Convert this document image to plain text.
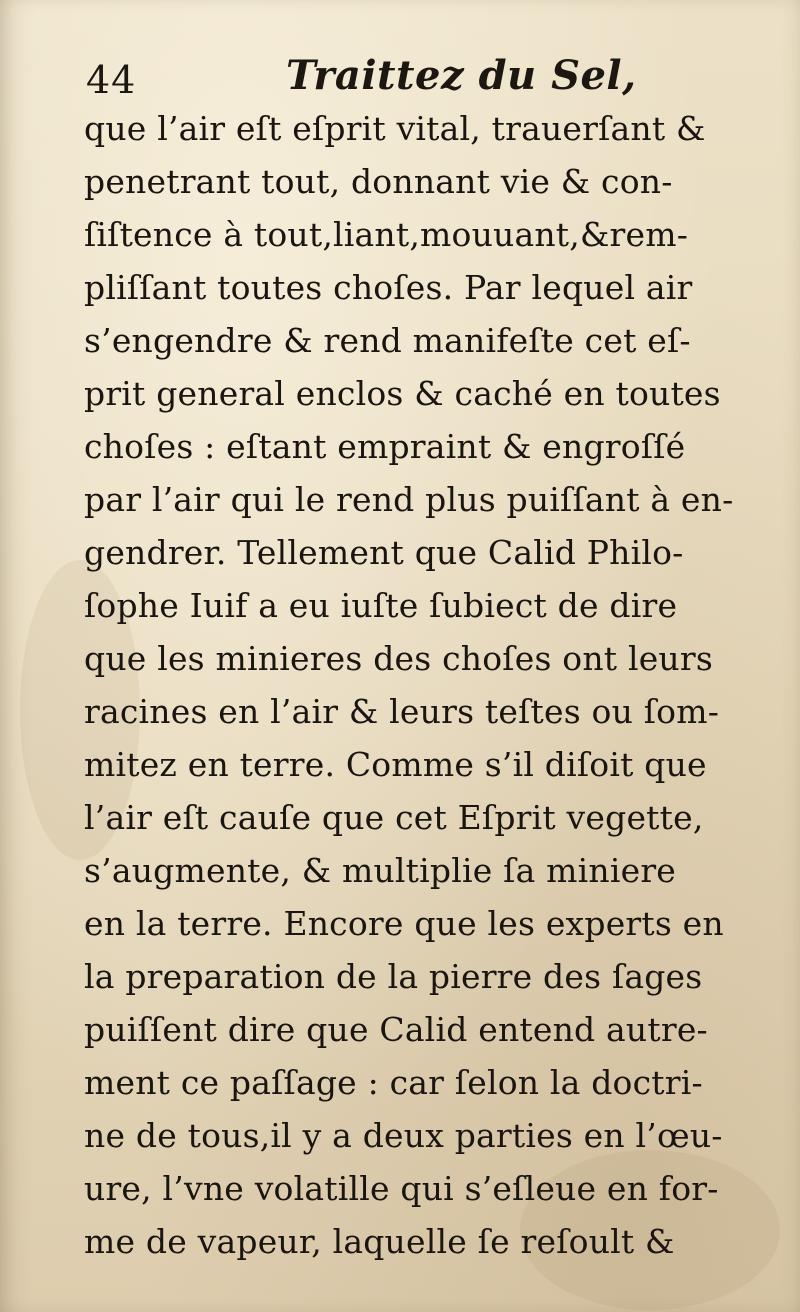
44	Traittez du Sel,
que l’air eſt eſprit vital, trauerſant &
penetrant tout, donnant vie & con-
ſiſtence à tout,liant,mouuant,&rem-
pliſſant toutes choſes. Par lequel air
s’engendre & rend manifeſte cet eſ-
prit general enclos & caché en toutes
choſes : eſtant emprаint & engroſſé
par l’air qui le rend plus puiſſant à en-
gendrer. Tellement que Calid Philo-
ſophe Iuif a eu iuſte ſubiect de dire
que les minieres des choſes ont leurs
racines en l’air & leurs teſtes ou ſom-
mitez en terre. Comme s’il diſoit que
l’air eſt cauſe que cet Eſprit vegette,
s’augmente, & multiplie ſa miniere
en la terre. Encore que les experts en
la preparation de la pierre des ſages
puiſſent dire que Calid entend autre-
ment ce paſſage : car ſelon la doctri-
ne de tous,il y a deux parties en l’œu-
ure, l’vne volatille qui s’eſleue en for-
me de vapeur, laquelle ſe reſoult &
